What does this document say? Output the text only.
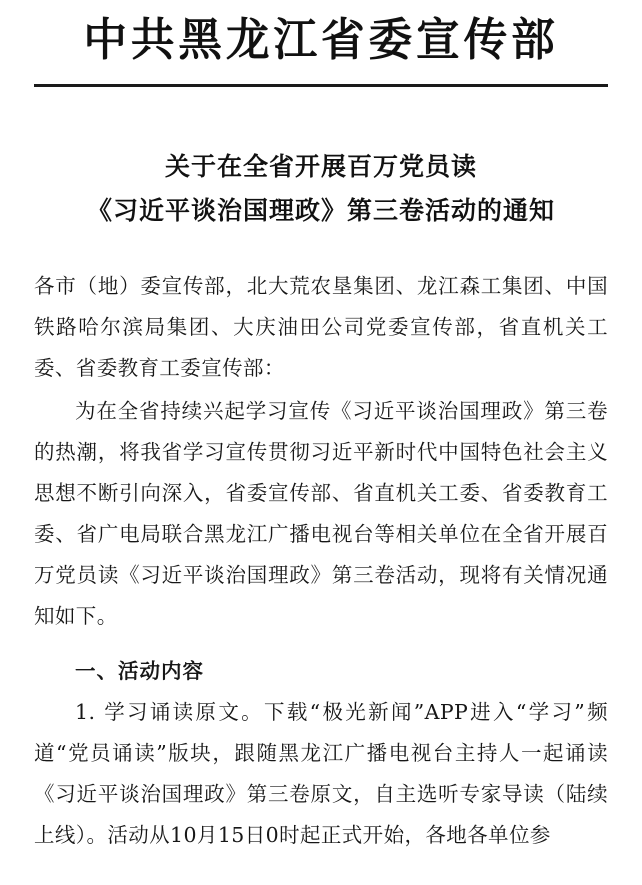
中共黑龙江省委宣传部
关于在全省开展百万党员读
《习近平谈治国理政》第三卷活动的通知

各市（地）委宣传部，北大荒农垦集团、龙江森工集团、中国铁路哈尔滨局集团、大庆油田公司党委宣传部，省直机关工委、省委教育工委宣传部：

为在全省持续兴起学习宣传《习近平谈治国理政》第三卷的热潮，将我省学习宣传贯彻习近平新时代中国特色社会主义思想不断引向深入，省委宣传部、省直机关工委、省委教育工委、省广电局联合黑龙江广播电视台等相关单位在全省开展百万党员读《习近平谈治国理政》第三卷活动，现将有关情况通知如下。

一、活动内容

1. 学习诵读原文。下载“极光新闻”APP进入“学习”频道“党员诵读”版块，跟随黑龙江广播电视台主持人一起诵读《习近平谈治国理政》第三卷原文，自主选听专家导读（陆续上线）。活动从10月15日0时起正式开始，各地各单位参
